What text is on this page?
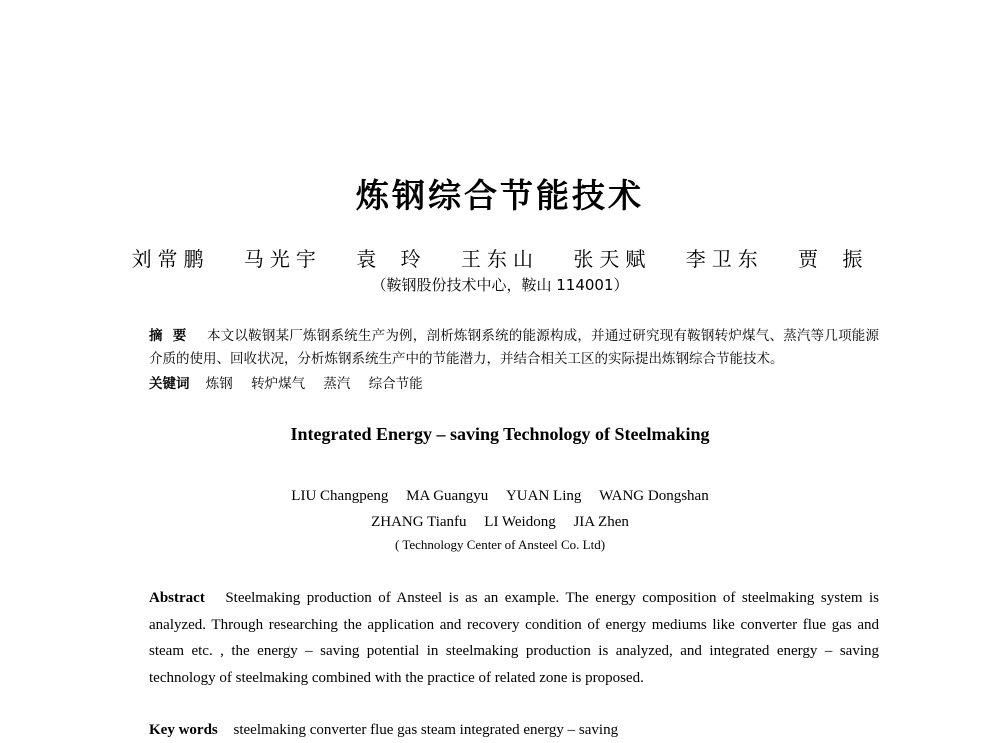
炼钢综合节能技术
刘常鹏 马光宇 袁 玲 王东山 张天赋 李卫东 贾 振
（鞍钢股份技术中心，鞍山 114001）
摘要 本文以鞍钢某厂炼钢系统生产为例，剖析炼钢系统的能源构成，并通过研究现有鞍钢转炉煤气、蒸汽等几项能源介质的使用、回收状况，分析炼钢系统生产中的节能潜力，并结合相关工区的实际提出炼钢综合节能技术。
关键词 炼钢 转炉煤气 蒸汽 综合节能
Integrated Energy – saving Technology of Steelmaking
LIU Changpeng MA Guangyu YUAN Ling WANG Dongshan
ZHANG Tianfu LI Weidong JIA Zhen
( Technology Center of Ansteel Co. Ltd)
Abstract Steelmaking production of Ansteel is as an example. The energy composition of steelmaking system is analyzed. Through researching the application and recovery condition of energy mediums like converter flue gas and steam etc. , the energy – saving potential in steelmaking production is analyzed, and integrated energy – saving technology of steelmaking combined with the practice of related zone is proposed.
Key words steelmaking converter flue gas steam integrated energy – saving
